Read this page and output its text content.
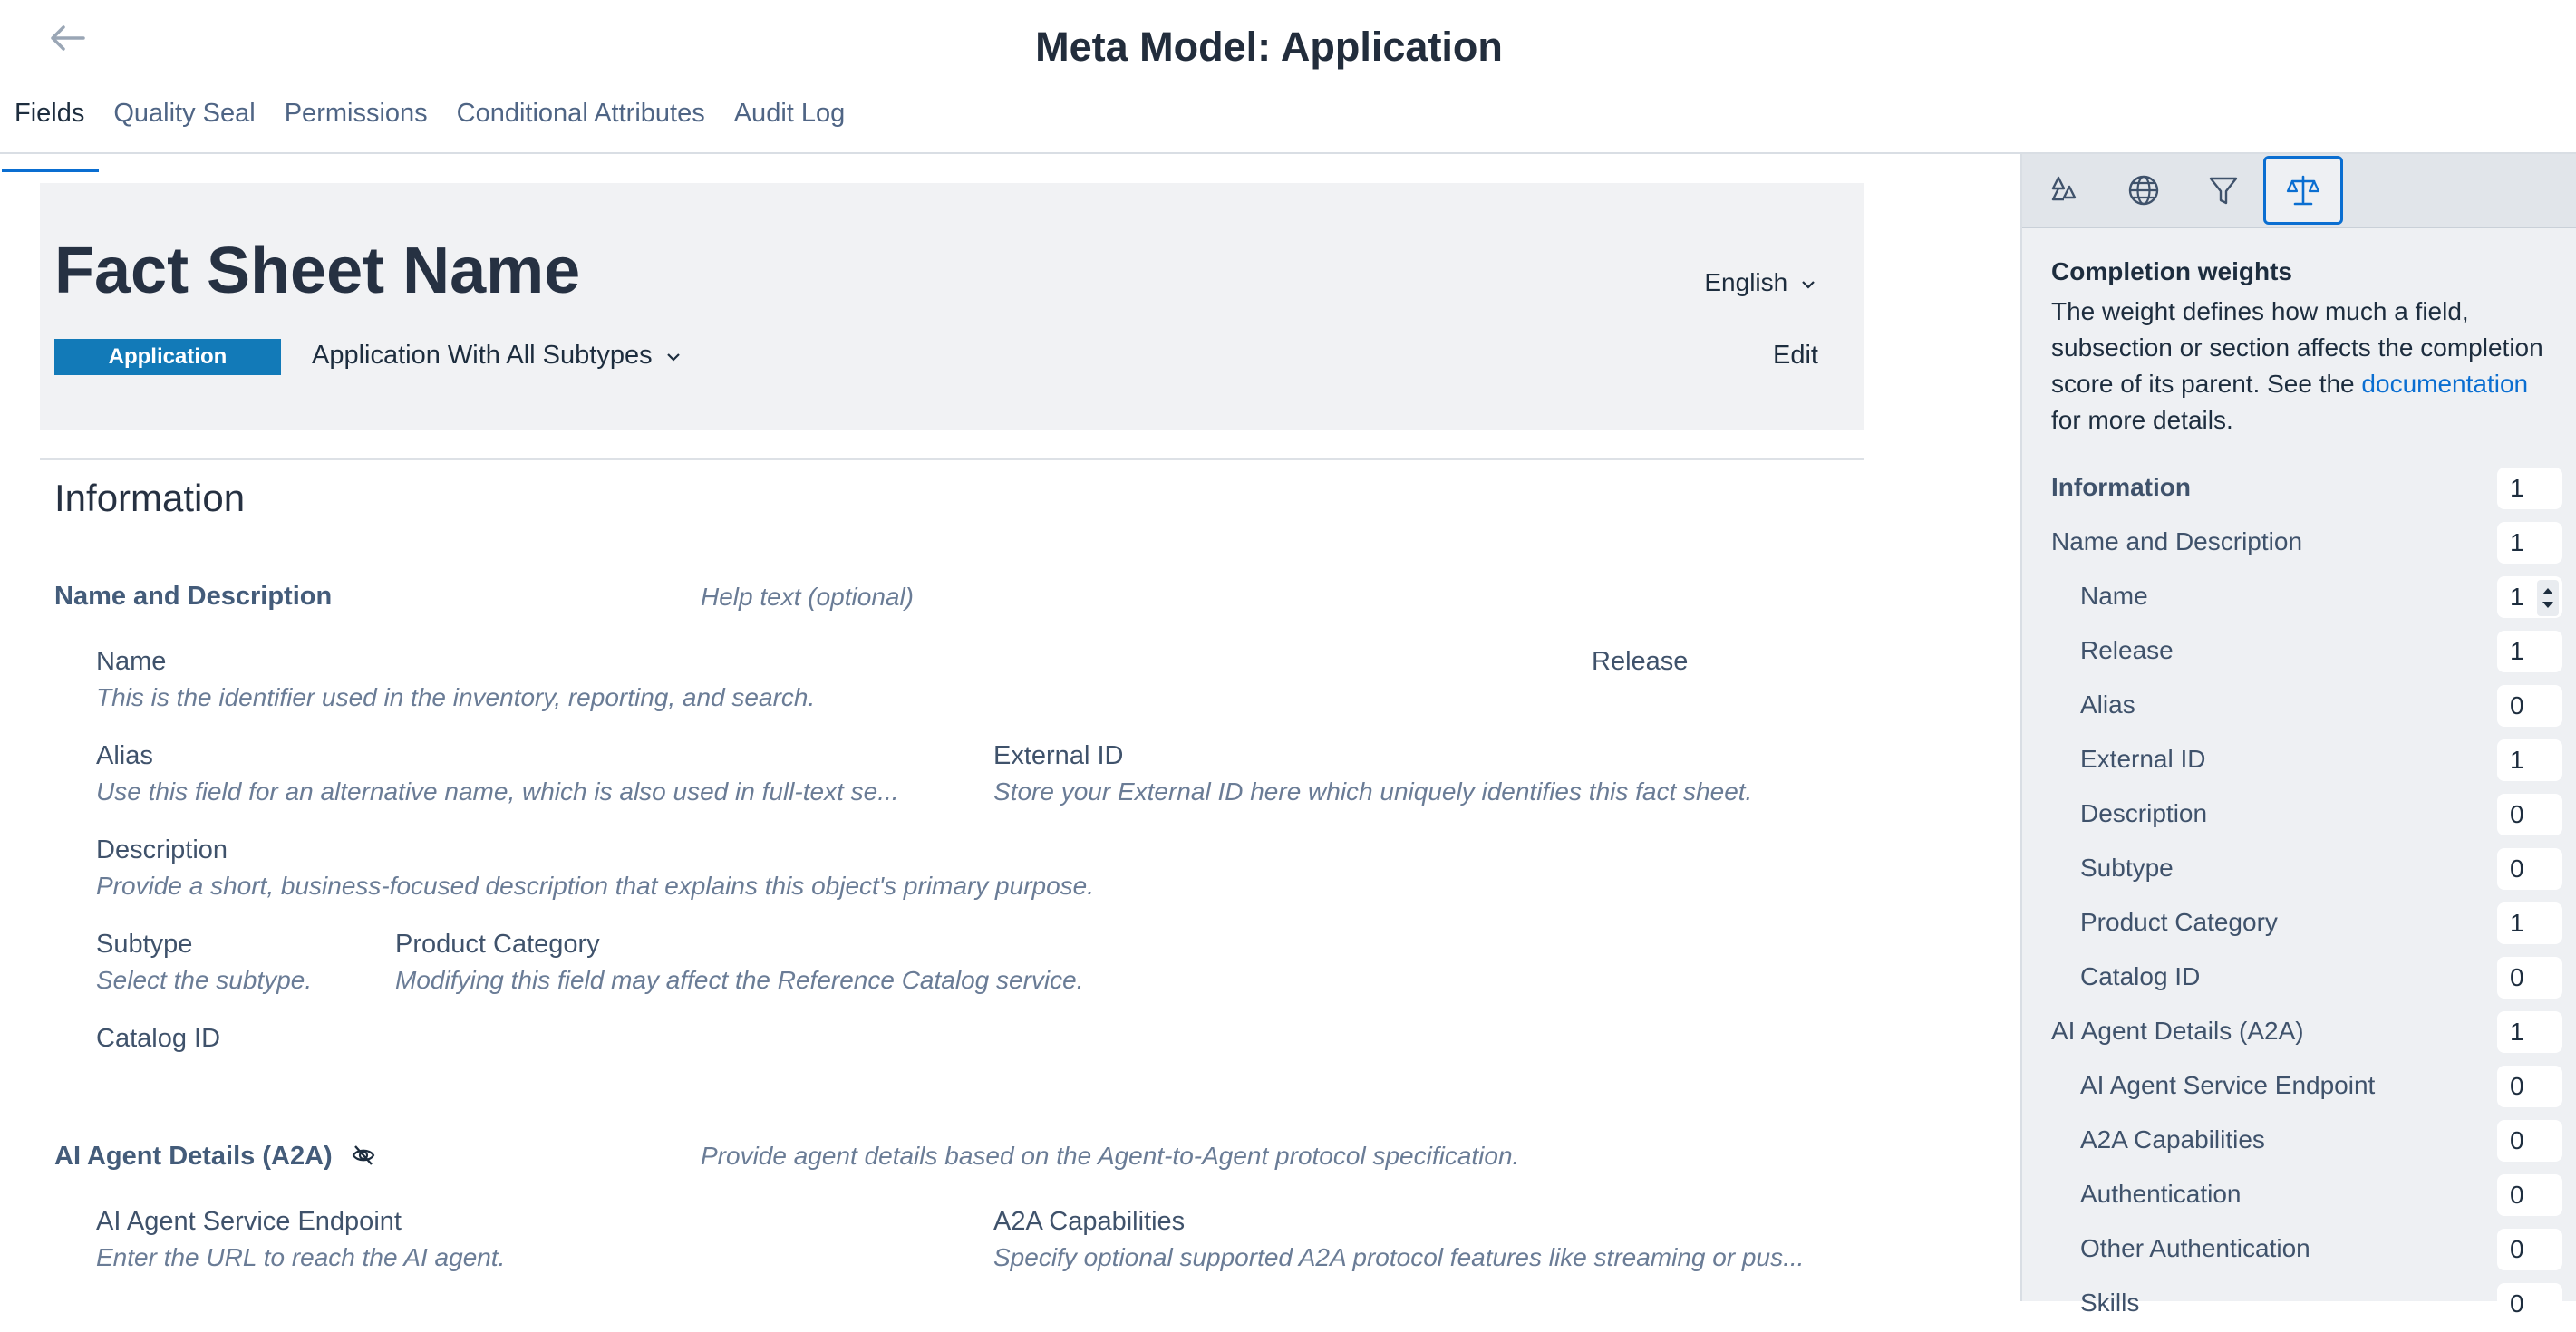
Meta Model: Application
Fields	Quality Seal	Permissions	Conditional Attributes	Audit Log
Fact Sheet Name	English
Application	Application With All Subtypes	Edit
Information
Name and Description	Help text (optional)
Name
This is the identifier used in the inventory, reporting, and search.
Release
Alias
Use this field for an alternative name, which is also used in full-text se...
External ID
Store your External ID here which uniquely identifies this fact sheet.
Description
Provide a short, business-focused description that explains this object's primary purpose.
Subtype
Select the subtype.
Product Category
Modifying this field may affect the Reference Catalog service.
Catalog ID
AI Agent Details (A2A)	Provide agent details based on the Agent-to-Agent protocol specification.
AI Agent Service Endpoint
Enter the URL to reach the AI agent.
A2A Capabilities
Specify optional supported A2A protocol features like streaming or pus...
Completion weights
The weight defines how much a field, subsection or section affects the completion score of its parent. See the documentation for more details.
Information	1
Name and Description	1
Name	1
Release	1
Alias	0
External ID	1
Description	0
Subtype	0
Product Category	1
Catalog ID	0
AI Agent Details (A2A)	1
AI Agent Service Endpoint	0
A2A Capabilities	0
Authentication	0
Other Authentication	0
Skills	0
